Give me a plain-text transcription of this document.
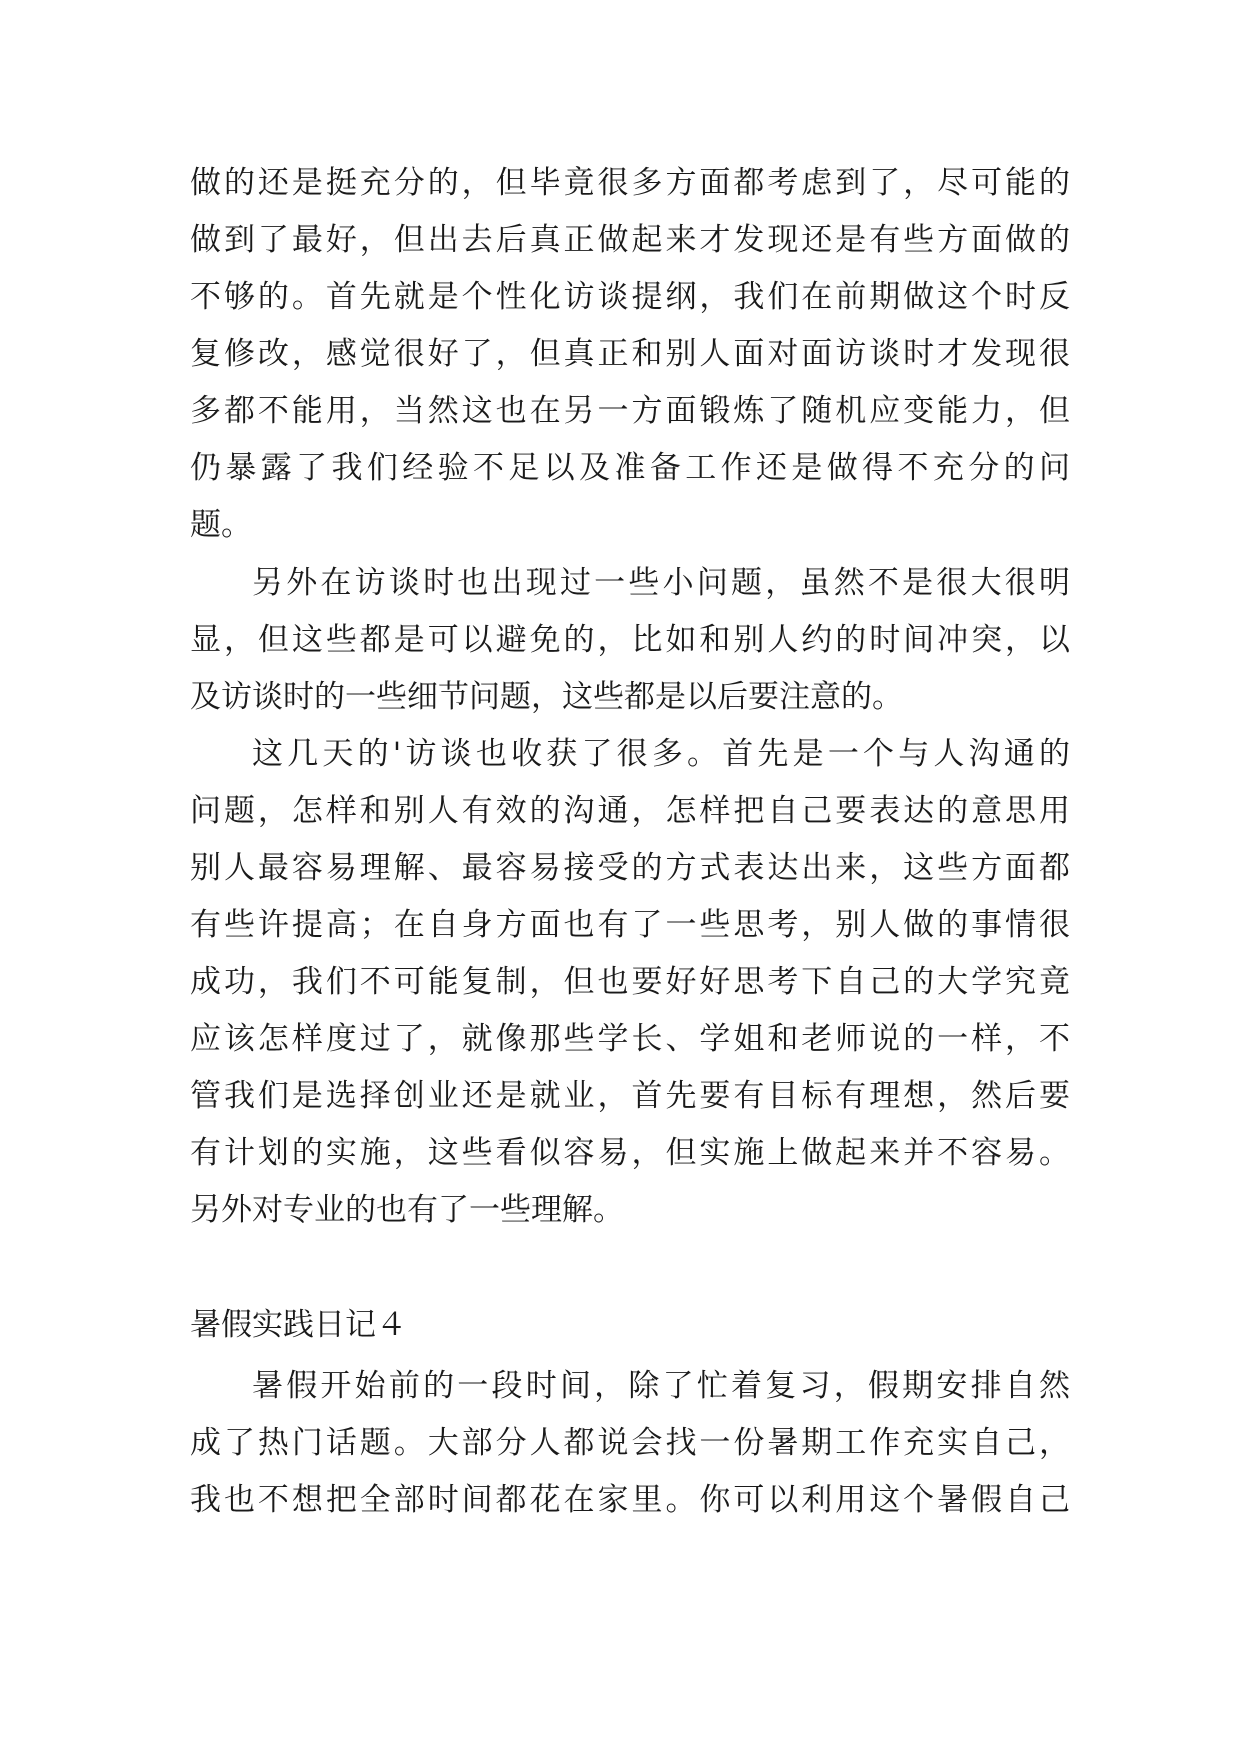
做的还是挺充分的，但毕竟很多方面都考虑到了，尽可能的
做到了最好，但出去后真正做起来才发现还是有些方面做的
不够的。首先就是个性化访谈提纲，我们在前期做这个时反
复修改，感觉很好了，但真正和别人面对面访谈时才发现很
多都不能用，当然这也在另一方面锻炼了随机应变能力，但
仍暴露了我们经验不足以及准备工作还是做得不充分的问
题。
另外在访谈时也出现过一些小问题，虽然不是很大很明
显，但这些都是可以避免的，比如和别人约的时间冲突，以
及访谈时的一些细节问题，这些都是以后要注意的。
这几天的'访谈也收获了很多。首先是一个与人沟通的
问题，怎样和别人有效的沟通，怎样把自己要表达的意思用
别人最容易理解、最容易接受的方式表达出来，这些方面都
有些许提高；在自身方面也有了一些思考，别人做的事情很
成功，我们不可能复制，但也要好好思考下自己的大学究竟
应该怎样度过了，就像那些学长、学姐和老师说的一样，不
管我们是选择创业还是就业，首先要有目标有理想，然后要
有计划的实施，这些看似容易，但实施上做起来并不容易。
另外对专业的也有了一些理解。
暑假实践日记４
暑假开始前的一段时间，除了忙着复习，假期安排自然
成了热门话题。大部分人都说会找一份暑期工作充实自己，
我也不想把全部时间都花在家里。你可以利用这个暑假自己
